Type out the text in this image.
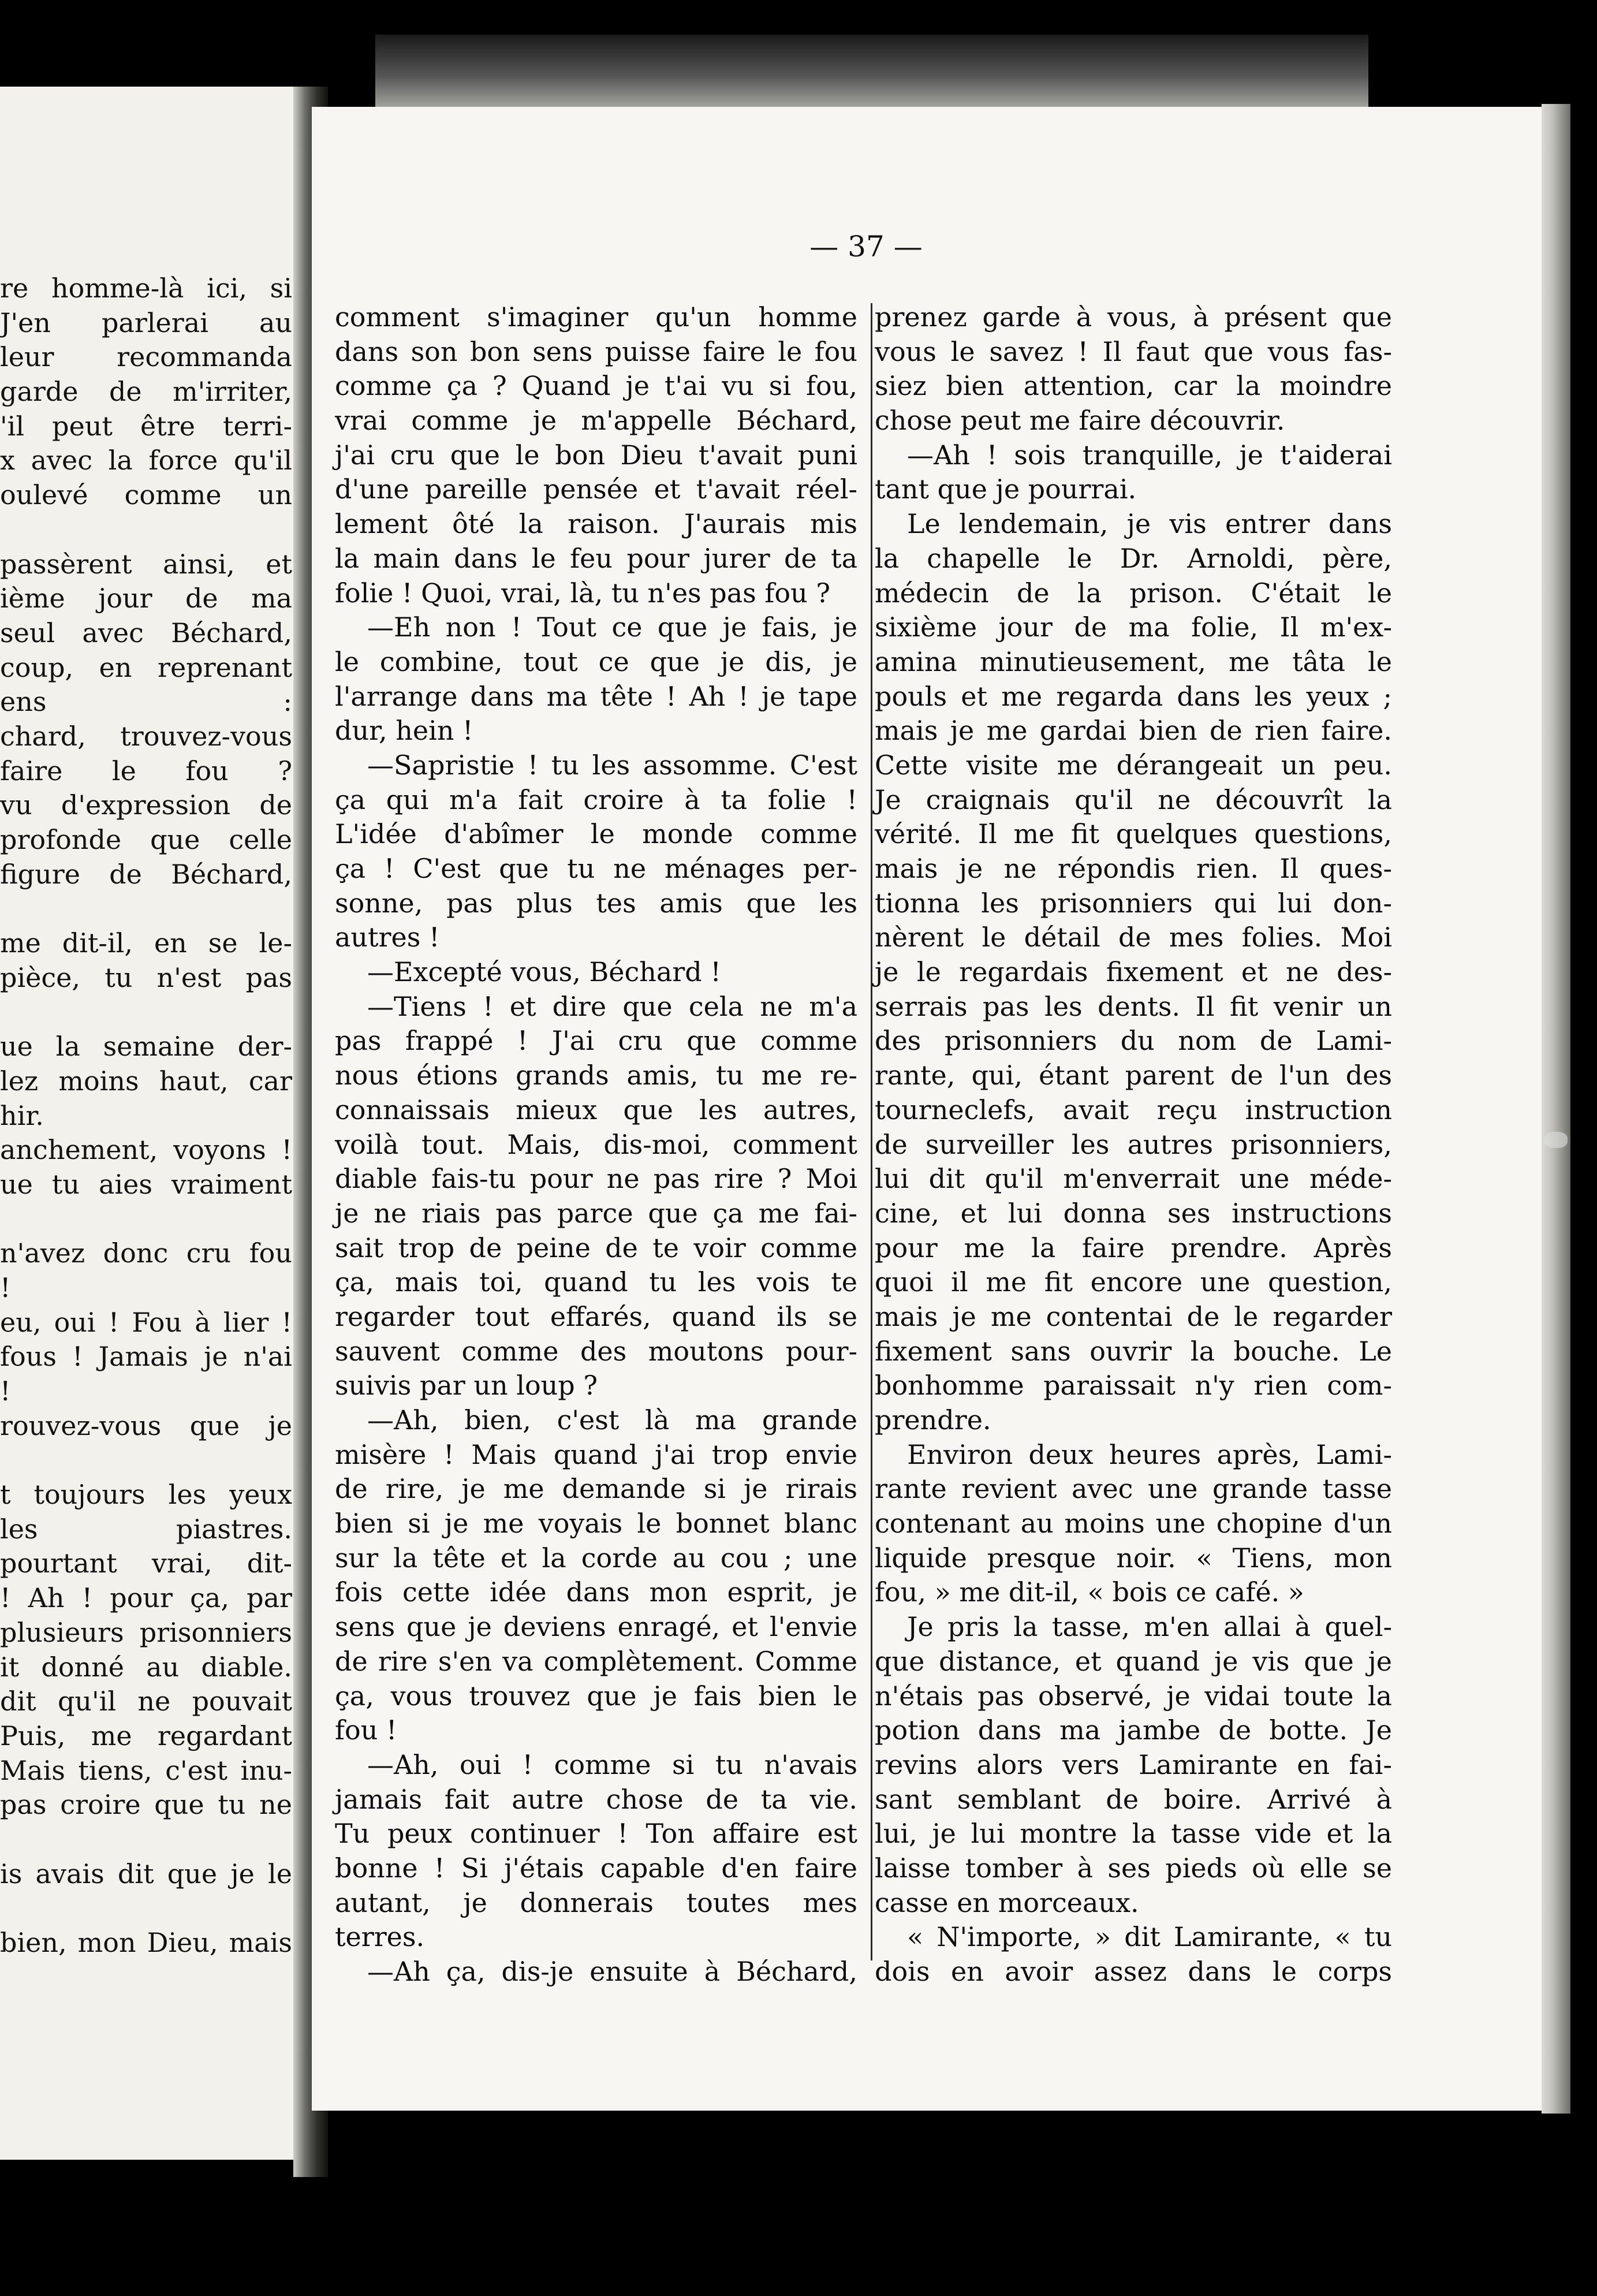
re homme-là ici, si
J'en parlerai au
leur recommanda
garde de m'irriter,
'il peut être terri-
x avec la force qu'il
oulevé comme un
passèrent ainsi, et
ième jour de ma
seul avec Béchard,
coup, en reprenant
ens :
chard, trouvez-vous
faire le fou ?
vu d'expression de
profonde que celle
figure de Béchard,
me dit-il, en se le-
pièce, tu n'est pas
ue la semaine der-
lez moins haut, car
hir.
anchement, voyons !
ue tu aies vraiment
n'avez donc cru fou
!
eu, oui ! Fou à lier !
fous ! Jamais je n'ai
!
rouvez-vous que je
t toujours les yeux
les piastres.
pourtant vrai, dit-
! Ah ! pour ça, par
plusieurs prisonniers
it donné au diable.
dit qu'il ne pouvait
Puis, me regardant
Mais tiens, c'est inu-
pas croire que tu ne
is avais dit que je le
bien, mon Dieu, mais
— 37 —
comment s'imaginer qu'un homme
dans son bon sens puisse faire le fou
comme ça ? Quand je t'ai vu si fou,
vrai comme je m'appelle Béchard,
j'ai cru que le bon Dieu t'avait puni
d'une pareille pensée et t'avait réel-
lement ôté la raison. J'aurais mis
la main dans le feu pour jurer de ta
folie ! Quoi, vrai, là, tu n'es pas fou ?
—Eh non ! Tout ce que je fais, je
le combine, tout ce que je dis, je
l'arrange dans ma tête ! Ah ! je tape
dur, hein !
—Sapristie ! tu les assomme. C'est
ça qui m'a fait croire à ta folie !
L'idée d'abîmer le monde comme
ça ! C'est que tu ne ménages per-
sonne, pas plus tes amis que les
autres !
—Excepté vous, Béchard !
—Tiens ! et dire que cela ne m'a
pas frappé ! J'ai cru que comme
nous étions grands amis, tu me re-
connaissais mieux que les autres,
voilà tout. Mais, dis-moi, comment
diable fais-tu pour ne pas rire ? Moi
je ne riais pas parce que ça me fai-
sait trop de peine de te voir comme
ça, mais toi, quand tu les vois te
regarder tout effarés, quand ils se
sauvent comme des moutons pour-
suivis par un loup ?
—Ah, bien, c'est là ma grande
misère ! Mais quand j'ai trop envie
de rire, je me demande si je rirais
bien si je me voyais le bonnet blanc
sur la tête et la corde au cou ; une
fois cette idée dans mon esprit, je
sens que je deviens enragé, et l'envie
de rire s'en va complètement. Comme
ça, vous trouvez que je fais bien le
fou !
—Ah, oui ! comme si tu n'avais
jamais fait autre chose de ta vie.
Tu peux continuer ! Ton affaire est
bonne ! Si j'étais capable d'en faire
autant, je donnerais toutes mes
terres.
—Ah ça, dis-je ensuite à Béchard,
prenez garde à vous, à présent que
vous le savez ! Il faut que vous fas-
siez bien attention, car la moindre
chose peut me faire découvrir.
—Ah ! sois tranquille, je t'aiderai
tant que je pourrai.
Le lendemain, je vis entrer dans
la chapelle le Dr. Arnoldi, père,
médecin de la prison. C'était le
sixième jour de ma folie, Il m'ex-
amina minutieusement, me tâta le
pouls et me regarda dans les yeux ;
mais je me gardai bien de rien faire.
Cette visite me dérangeait un peu.
Je craignais qu'il ne découvrît la
vérité. Il me fit quelques questions,
mais je ne répondis rien. Il ques-
tionna les prisonniers qui lui don-
nèrent le détail de mes folies. Moi
je le regardais fixement et ne des-
serrais pas les dents. Il fit venir un
des prisonniers du nom de Lami-
rante, qui, étant parent de l'un des
tourneclefs, avait reçu instruction
de surveiller les autres prisonniers,
lui dit qu'il m'enverrait une méde-
cine, et lui donna ses instructions
pour me la faire prendre. Après
quoi il me fit encore une question,
mais je me contentai de le regarder
fixement sans ouvrir la bouche. Le
bonhomme paraissait n'y rien com-
prendre.
Environ deux heures après, Lami-
rante revient avec une grande tasse
contenant au moins une chopine d'un
liquide presque noir. « Tiens, mon
fou, » me dit-il, « bois ce café. »
Je pris la tasse, m'en allai à quel-
que distance, et quand je vis que je
n'étais pas observé, je vidai toute la
potion dans ma jambe de botte. Je
revins alors vers Lamirante en fai-
sant semblant de boire. Arrivé à
lui, je lui montre la tasse vide et la
laisse tomber à ses pieds où elle se
casse en morceaux.
« N'importe, » dit Lamirante, « tu
dois en avoir assez dans le corps
